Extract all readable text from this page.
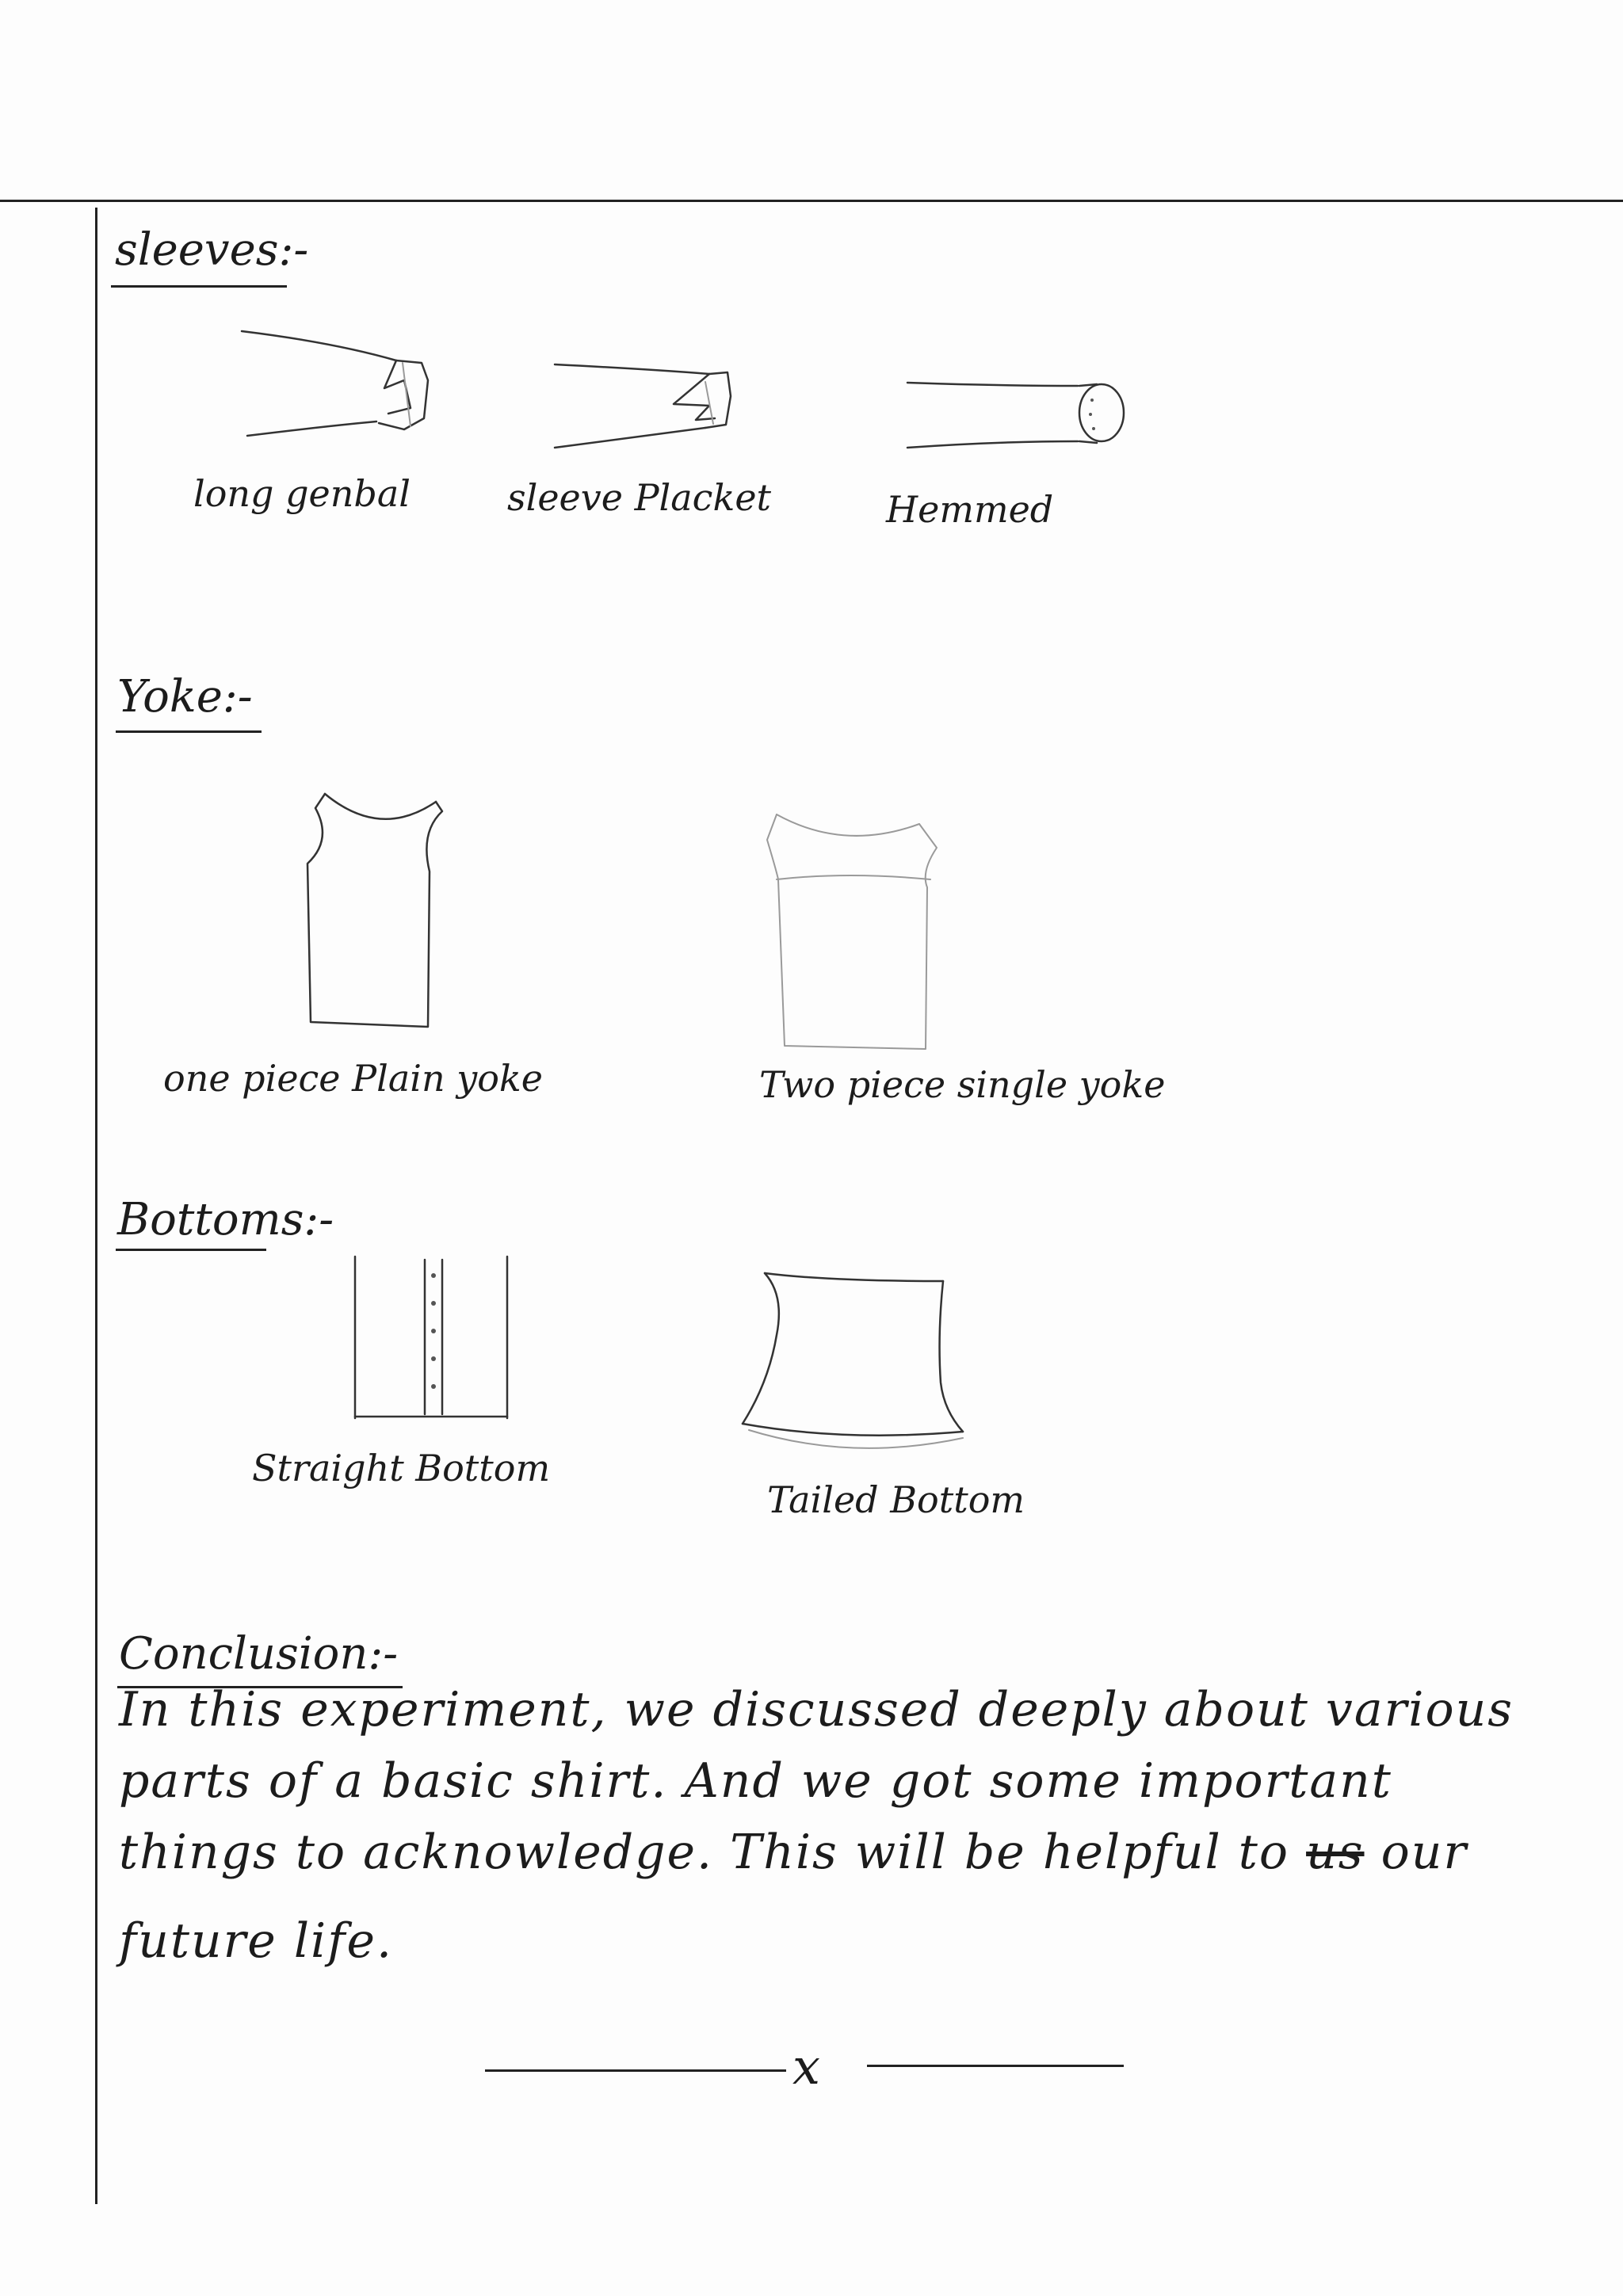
sleeves:-
long genbal	sleeve Placket	Hemmed
Yoke:-
one piece Plain yoke	Two piece single yoke
Bottoms:-
Straight Bottom
Tailed Bottom
Conclusion:-
In this experiment, we discussed deeply about various
parts of a basic shirt. And we got some important
things to acknowledge. This will be helpful to us our
future life.
x
